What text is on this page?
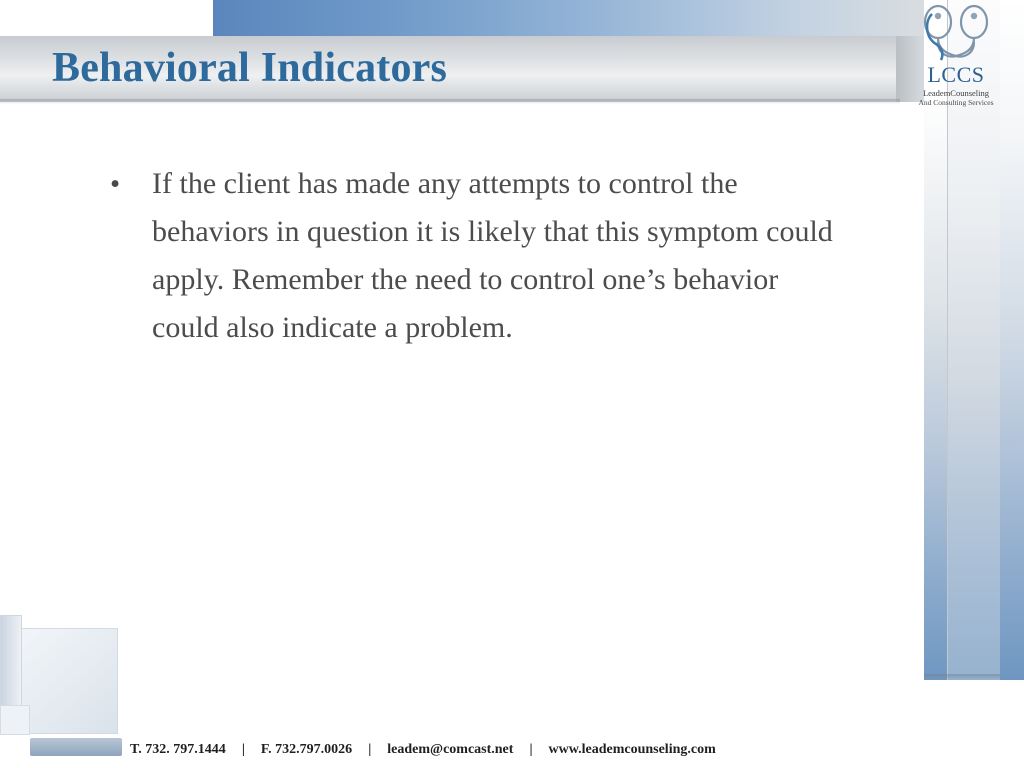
LCCS
LeademCounseling
And Consulting Services
Behavioral Indicators
•	If the client has made any attempts to control the behaviors in question it is likely that this symptom could apply. Remember the need to control one’s behavior could also indicate a problem.
T. 732. 797.1444	|	F. 732.797.0026	|	leadem@comcast.net	|	www.leademcounseling.com
